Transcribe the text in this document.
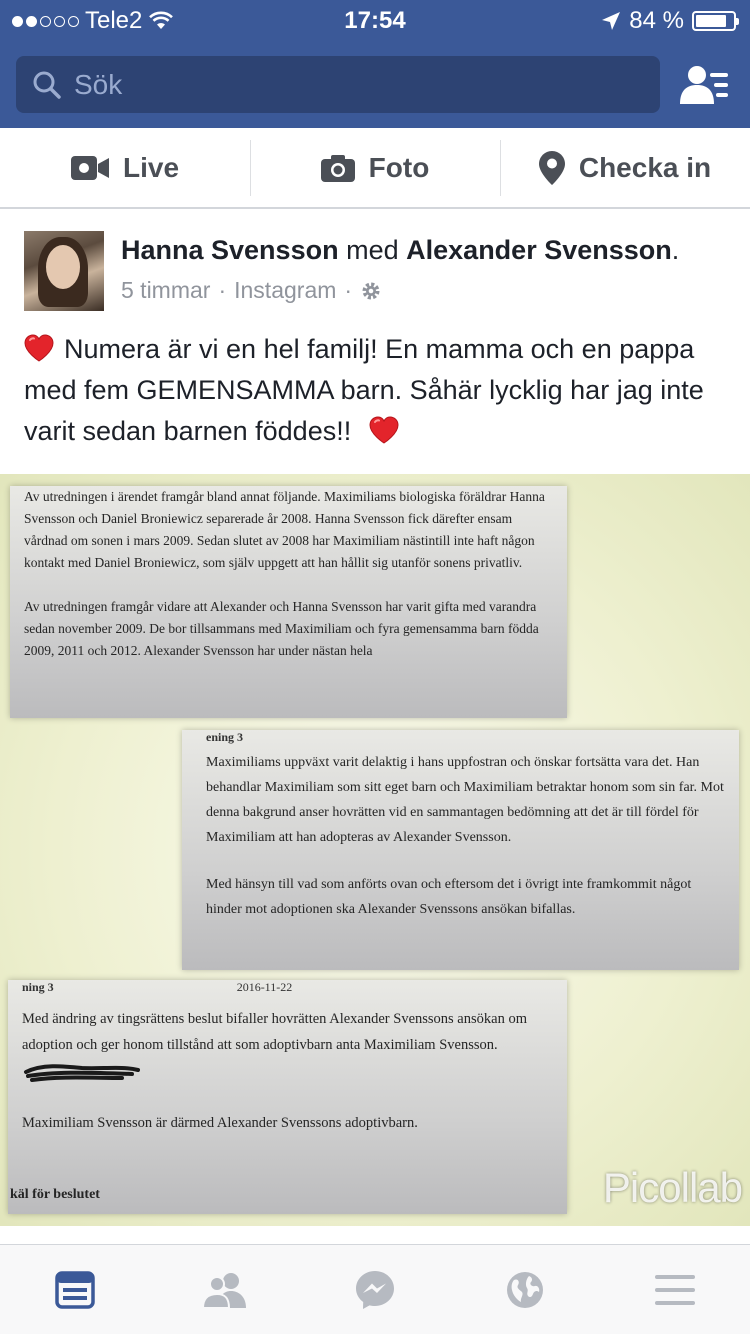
Tele2	17:54	84 %
Sök
Live	Foto	Checka in
Hanna Svensson med Alexander Svensson.
5 timmar · Instagram ·
Numera är vi en hel familj! En mamma och en pappa med fem GEMENSAMMA barn. Såhär lycklig har jag inte varit sedan barnen föddes!!

Av utredningen i ärendet framgår bland annat följande. Maximiliams biologiska föräldrar Hanna Svensson och Daniel Broniewicz separerade år 2008. Hanna Svensson fick därefter ensam vårdnad om sonen i mars 2009. Sedan slutet av 2008 har Maximiliam nästintill inte haft någon kontakt med Daniel Broniewicz, som själv uppgett att han hållit sig utanför sonens privatliv.

Av utredningen framgår vidare att Alexander och Hanna Svensson har varit gifta med varandra sedan november 2009. De bor tillsammans med Maximiliam och fyra gemensamma barn födda 2009, 2011 och 2012. Alexander Svensson har under nästan hela

ening 3

Maximiliams uppväxt varit delaktig i hans uppfostran och önskar fortsätta vara det. Han behandlar Maximiliam som sitt eget barn och Maximiliam betraktar honom som sin far. Mot denna bakgrund anser hovrätten vid en sammantagen bedömning att det är till fördel för Maximiliam att han adopteras av Alexander Svensson.

Med hänsyn till vad som anförts ovan och eftersom det i övrigt inte framkommit något hinder mot adoptionen ska Alexander Svenssons ansökan bifallas.

ning 3	2016-11-22

Med ändring av tingsrättens beslut bifaller hovrätten Alexander Svenssons ansökan om adoption och ger honom tillstånd att som adoptivbarn anta Maximiliam Svensson.

Maximiliam Svensson är därmed Alexander Svenssons adoptivbarn.

käl för beslutet	Picollab
